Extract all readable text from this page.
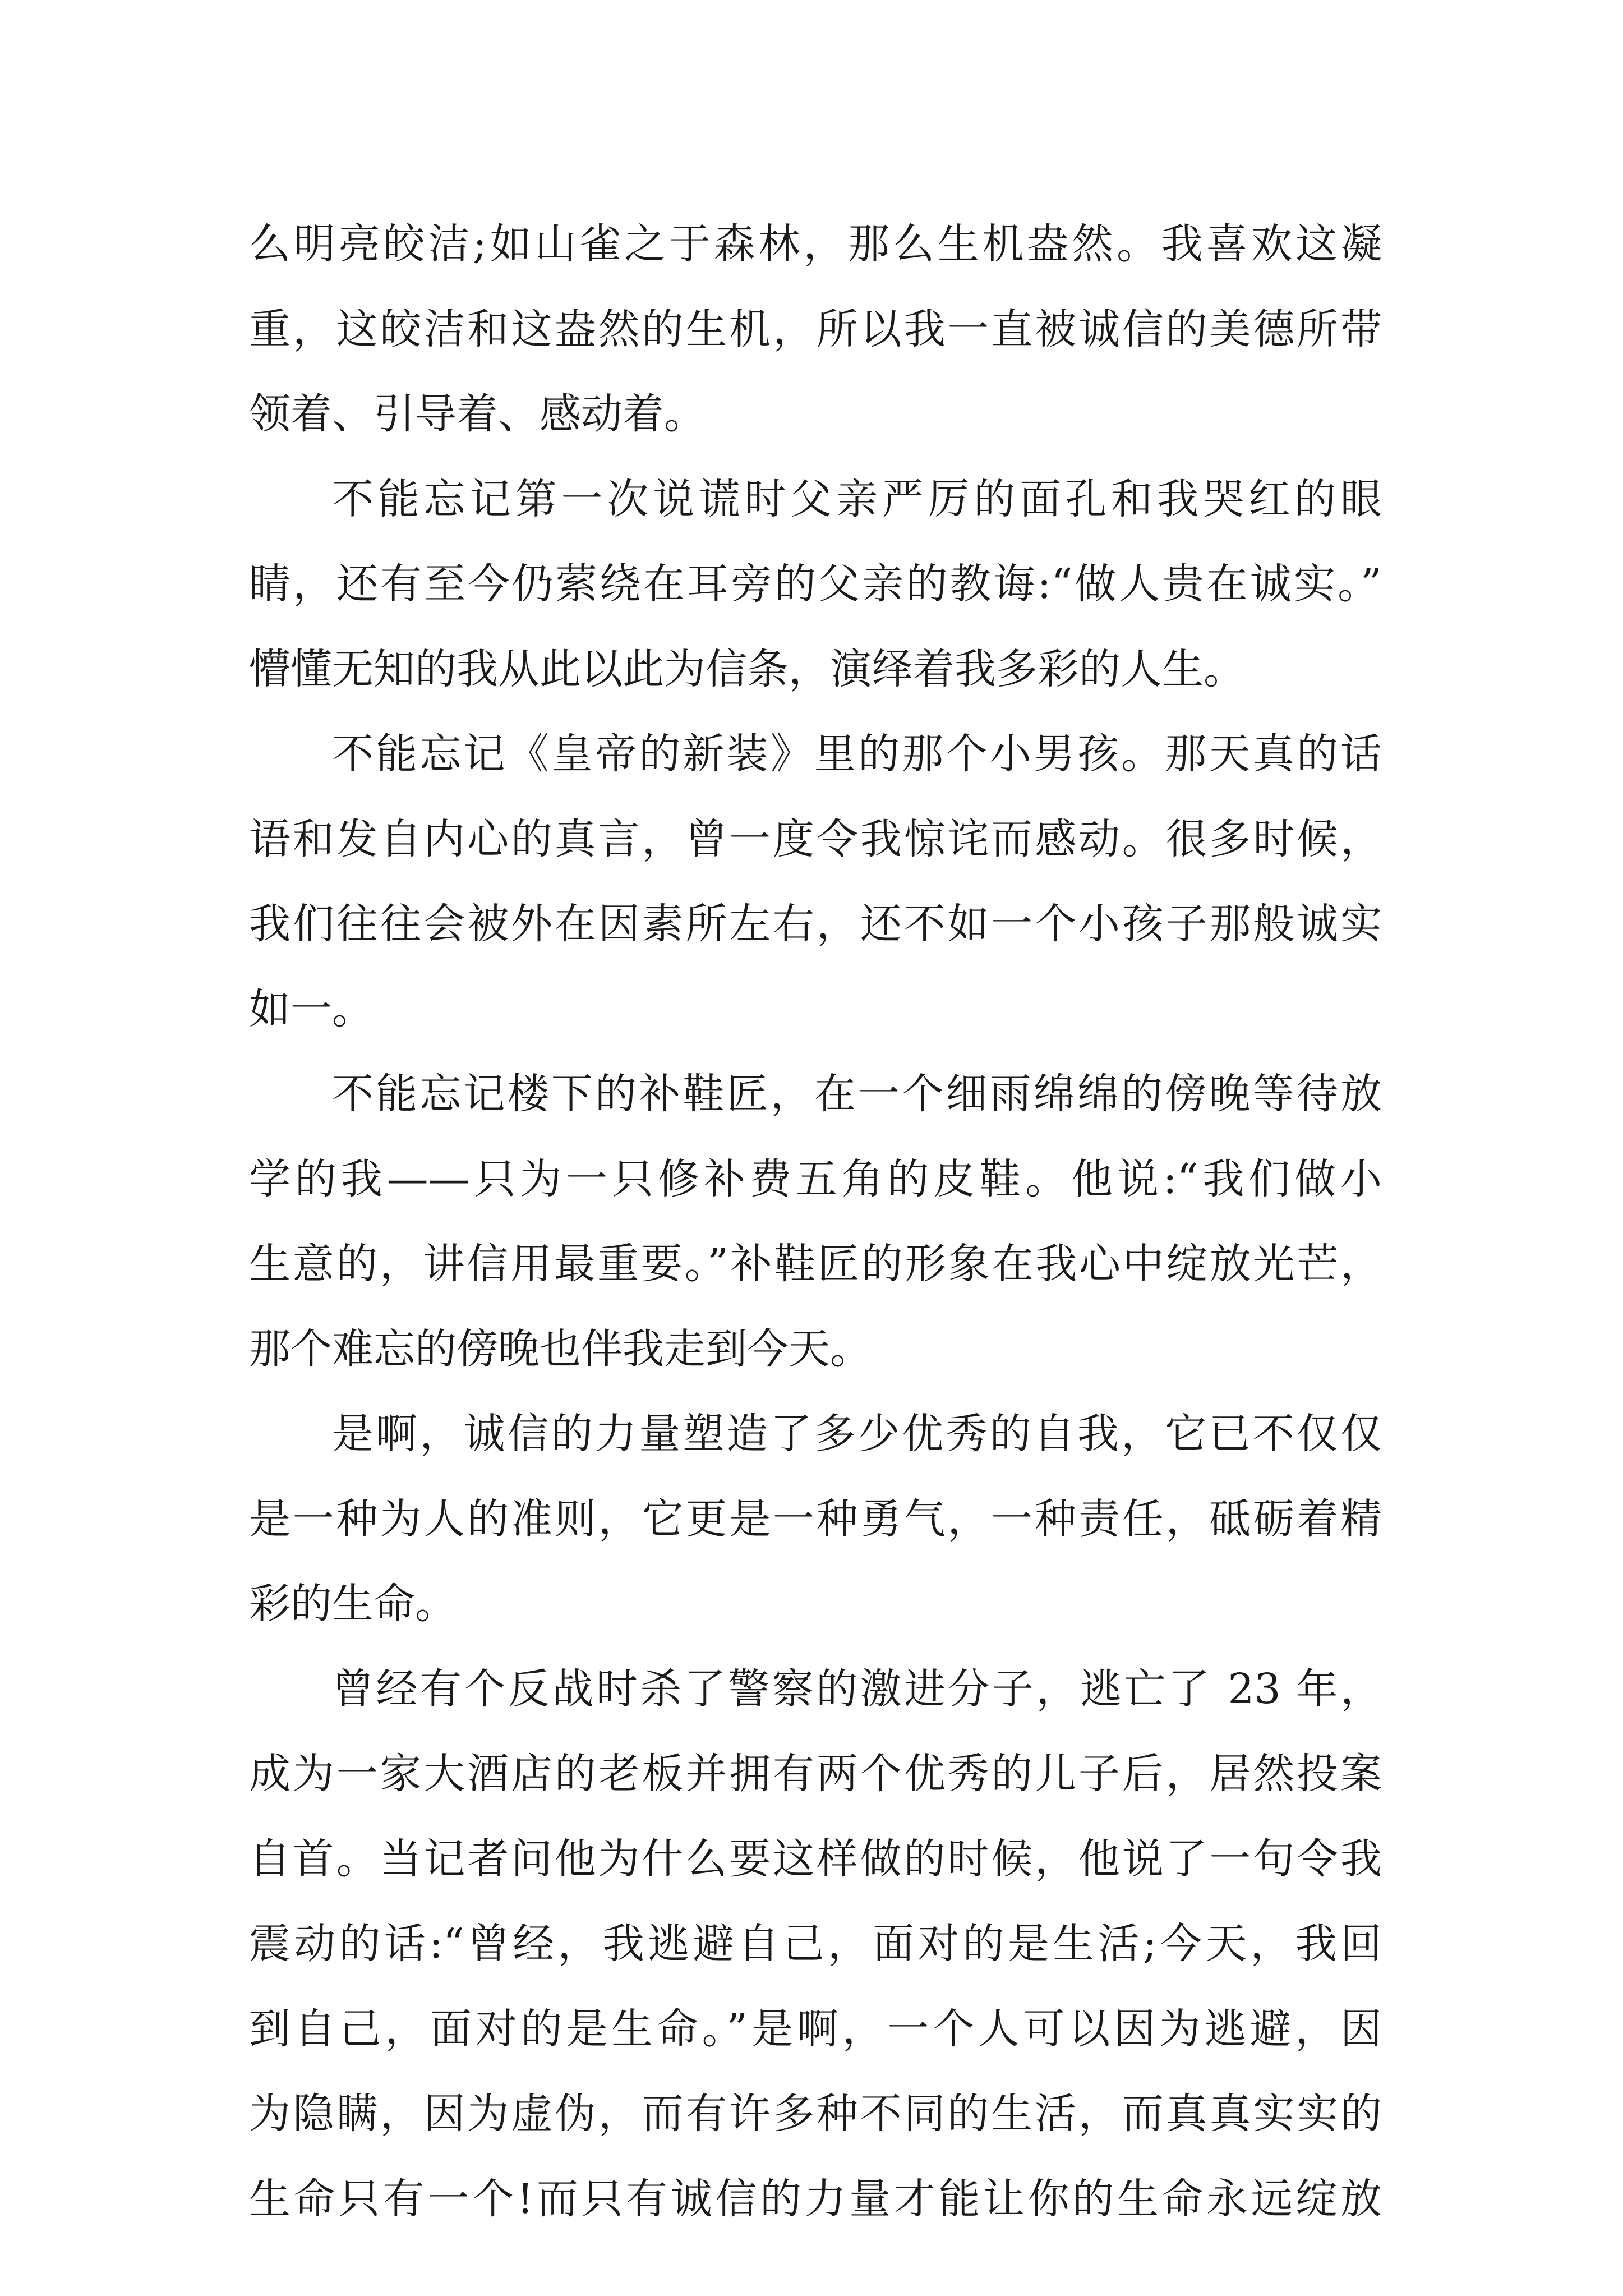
么明亮皎洁;如山雀之于森林，那么生机盎然。我喜欢这凝
重，这皎洁和这盎然的生机，所以我一直被诚信的美德所带
领着、引导着、感动着。
不能忘记第一次说谎时父亲严厉的面孔和我哭红的眼
睛，还有至今仍萦绕在耳旁的父亲的教诲:“做人贵在诚实。”
懵懂无知的我从此以此为信条，演绎着我多彩的人生。
不能忘记《皇帝的新装》里的那个小男孩。那天真的话
语和发自内心的真言，曾一度令我惊诧而感动。很多时候，
我们往往会被外在因素所左右，还不如一个小孩子那般诚实
如一。
不能忘记楼下的补鞋匠，在一个细雨绵绵的傍晚等待放
学的我——只为一只修补费五角的皮鞋。他说:“我们做小
生意的，讲信用最重要。”补鞋匠的形象在我心中绽放光芒，
那个难忘的傍晚也伴我走到今天。
是啊，诚信的力量塑造了多少优秀的自我，它已不仅仅
是一种为人的准则，它更是一种勇气，一种责任，砥砺着精
彩的生命。
曾经有个反战时杀了警察的激进分子，逃亡了 23 年，
成为一家大酒店的老板并拥有两个优秀的儿子后，居然投案
自首。当记者问他为什么要这样做的时候，他说了一句令我
震动的话:“曾经，我逃避自己，面对的是生活;今天，我回
到自己，面对的是生命。”是啊，一个人可以因为逃避，因
为隐瞒，因为虚伪，而有许多种不同的生活，而真真实实的
生命只有一个!而只有诚信的力量才能让你的生命永远绽放
